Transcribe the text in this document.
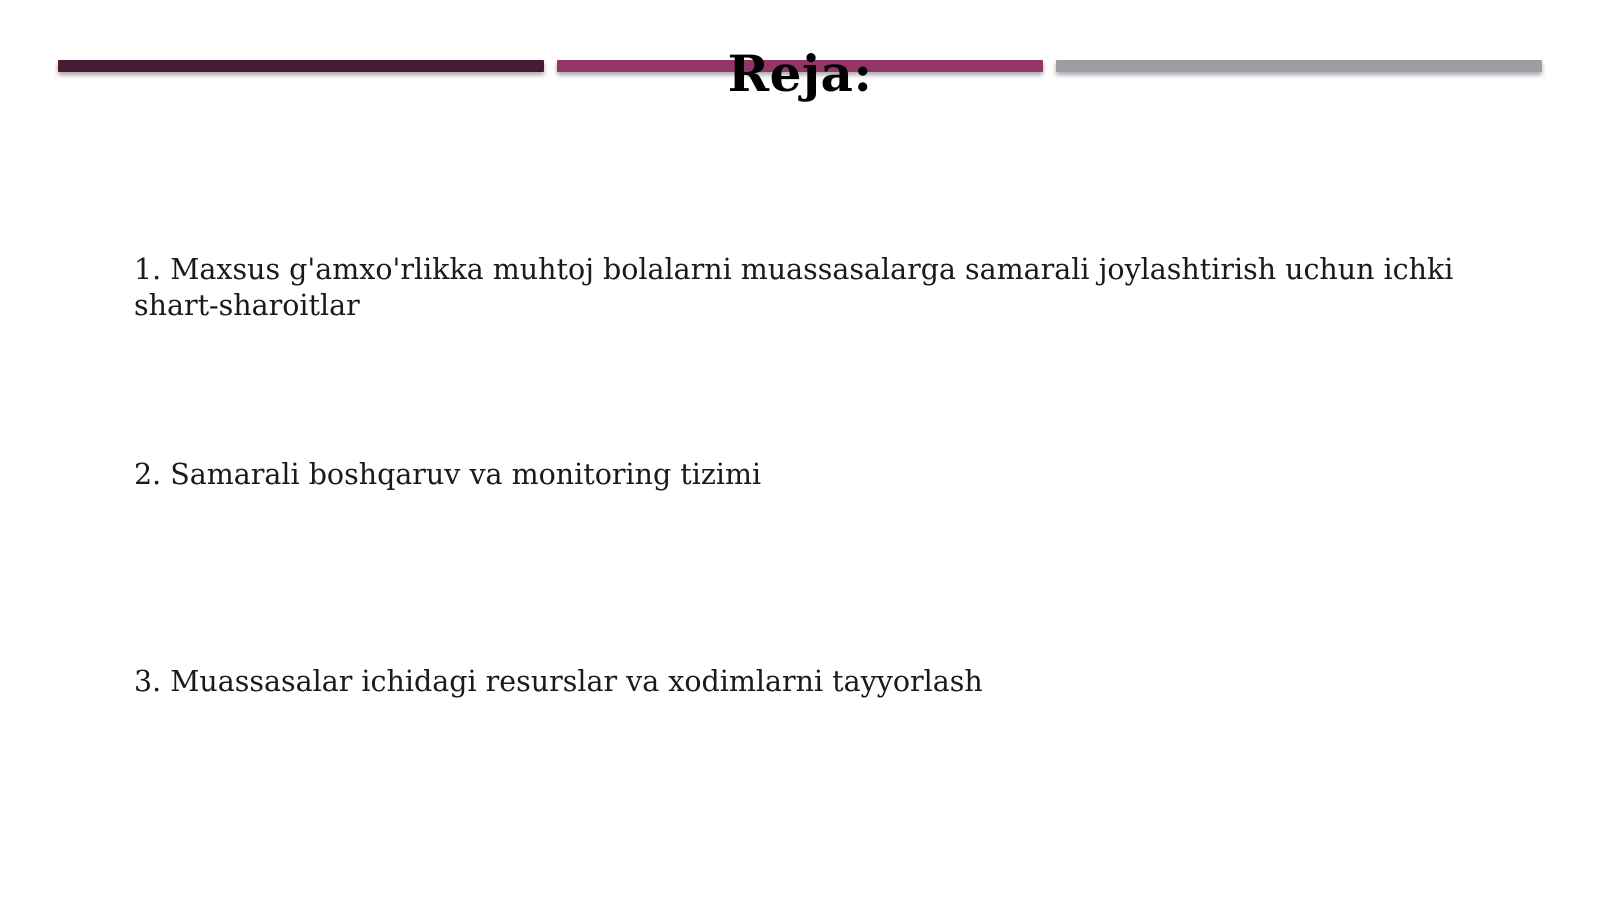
Reja:
1. Maxsus g'amxo'rlikka muhtoj bolalarni muassasalarga samarali joylashtirish uchun ichki shart-sharoitlar
2. Samarali boshqaruv va monitoring tizimi
3. Muassasalar ichidagi resurslar va xodimlarni tayyorlash
